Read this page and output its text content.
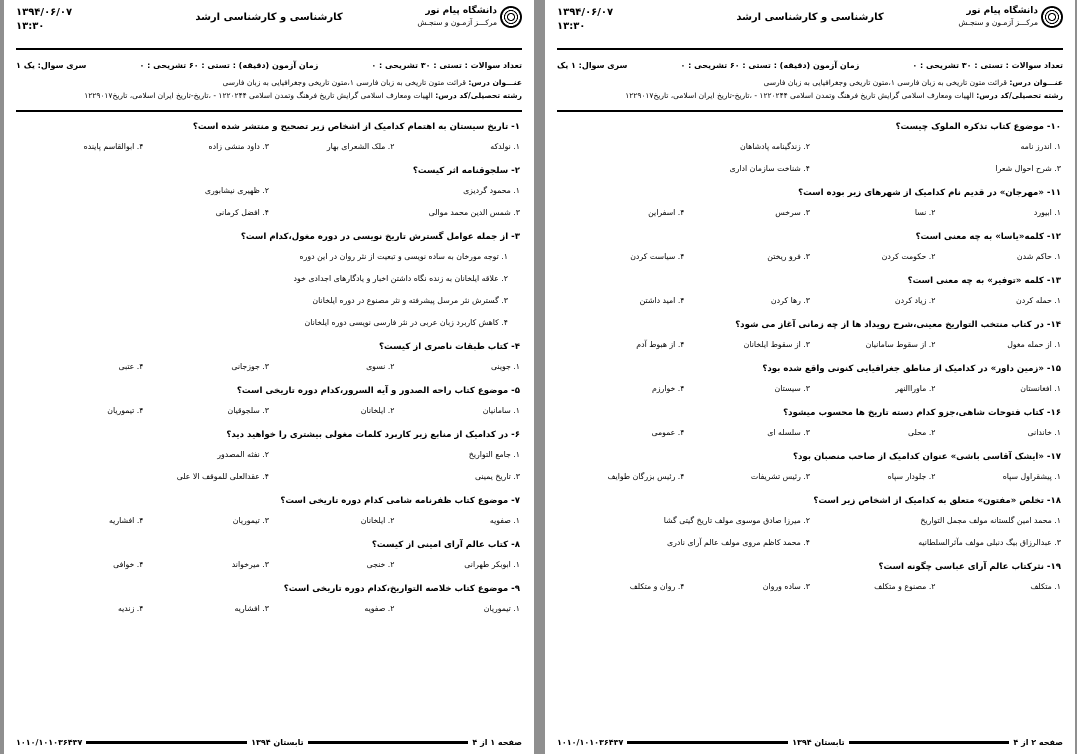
دانشگاه پیام نور
مرکـــز آزمـون و سنجـش
کارشناسی و کارشناسی ارشد
۱۳۹۴/۰۶/۰۷
۱۳:۳۰
تعداد سوالات : تستی : ۳۰ تشریحی : ۰
زمان آزمون (دقیقه) : تستی : ۶۰ تشریحی : ۰
سری سوال: یک ۱
عنـــوان درس: قرائت متون تاریخی به زبان فارسی ۱،متون تاریخی وجغرافیایی به زبان فارسی
رشته تحصیلی/کد درس: الهیات ومعارف اسلامی گرایش تاریخ فرهنگ وتمدن اسلامی ۱۲۲۰۲۴۴ - ،تاریخ-تاریخ ایران اسلامی، تاریخ۱۲۲۹۰۱۷
۱- تاریخ سیستان به اهتمام کدامیک از اشخاص زیر تصحیح و منتشر شده است؟
۱. نولدکه
۲. ملک الشعرای بهار
۳. داود منشی زاده
۴. ابوالقاسم پاینده
۲- سلجوقنامه اثر کیست؟
۱. محمود گردیزی
۲. ظهیری نیشابوری
۳. شمس الدین محمد موالی
۴. افضل کرمانی
۳- از جمله عوامل گسترش تاریخ نویسی در دوره مغول،کدام است؟
۱. توجه مورخان به ساده نویسی و تبعیت از نثر روان در این دوره
۲. علاقه ایلخانان به زنده نگاه داشتن اخبار و یادگارهای اجدادی خود
۳. گسترش نثر مرسل پیشرفته و نثر مصنوع در دوره ایلخانان
۴. کاهش کاربرد زبان عربی در نثر فارسی نویسی دوره ایلخانان
۴- کتاب طبقات ناصری از کیست؟
۱. جوینی
۲. نسوی
۳. جوزجانی
۴. عتبی
۵- موضوع کتاب راحه الصدور و آیه السرور،کدام دوره تاریخی است؟
۱. سامانیان
۲. ایلخانان
۳. سلجوقیان
۴. تیموریان
۶- در کدامیک از منابع زیر کاربرد کلمات مغولی بیشتری را خواهید دید؟
۱. جامع التواریخ
۲. نفثه المصدور
۳. تاریخ یمینی
۴. عقدالعلی للموقف الا علی
۷- موضوع کتاب ظفرنامه شامی کدام دوره تاریخی است؟
۱. صفویه
۲. ایلخانان
۳. تیموریان
۴. افشاریه
۸- کتاب عالم آرای امینی از کیست؟
۱. ابوبکر طهرانی
۲. خنجی
۳. میرخواند
۴. خوافی
۹- موضوع کتاب خلاصه التواریخ،کدام دوره تاریخی است؟
۱. تیموریان
۲. صفویه
۳. افشاریه
۴. زندیه
صفحه ۱ از ۴
تابستان ۱۳۹۴
۱۰۱۰/۱۰۱۰۳۶۴۳۷
دانشگاه پیام نور
مرکـــز آزمـون و سنجـش
کارشناسی و کارشناسی ارشد
۱۳۹۴/۰۶/۰۷
۱۳:۳۰
تعداد سوالات : تستی : ۳۰ تشریحی : ۰
زمان آزمون (دقیقه) : تستی : ۶۰ تشریحی : ۰
سری سوال: ۱ یک
عنـــوان درس: قرائت متون تاریخی به زبان فارسی ۱،متون تاریخی وجغرافیایی به زبان فارسی
رشته تحصیلی/کد درس: الهیات ومعارف اسلامی گرایش تاریخ فرهنگ وتمدن اسلامی ۱۲۲۰۲۴۴ - ،تاریخ-تاریخ ایران اسلامی، تاریخ۱۲۲۹۰۱۷
۱۰- موضوع کتاب تذکره الملوک چیست؟
۱. اندرز نامه
۲. زندگینامه پادشاهان
۳. شرح احوال شعرا
۴. شناخت سازمان اداری
۱۱- «مهرجان» در قدیم نام کدامیک از شهرهای زیر بوده است؟
۱. ابیورد
۲. نسا
۳. سرخس
۴. اسفراین
۱۲- کلمه«یاسا» به چه معنی است؟
۱. حاکم شدن
۲. حکومت کردن
۳. فرو ریختن
۴. سیاست کردن
۱۳- کلمه «توفیر» به چه معنی است؟
۱. حمله کردن
۲. زیاد کردن
۳. رها کردن
۴. امید داشتن
۱۴- در کتاب منتخب التواریخ معینی،شرح رویداد ها از چه زمانی آغاز می شود؟
۱. از حمله مغول
۲. از سقوط سامانیان
۳. از سقوط ایلخانان
۴. از هبوط آدم
۱۵- «زمین داور» در کدامیک از مناطق جغرافیایی کنونی واقع شده بود؟
۱. افغانستان
۲. ماوراالنهر
۳. سیستان
۴. خوارزم
۱۶- کتاب فتوحات شاهی،جزو کدام دسته تاریخ ها محسوب میشود؟
۱. خاندانی
۲. محلی
۳. سلسله ای
۴. عمومی
۱۷- «ایشک آقاسی باشی» عنوان کدامیک از صاحب منصبان بود؟
۱. پیشقراول سپاه
۲. جلودار سپاه
۳. رئیس تشریفات
۴. رئیس بزرگان طوایف
۱۸- تخلص «مفتون» متعلق به کدامیک از اشخاص زیر است؟
۱. محمد امین گلستانه مولف مجمل التواریخ
۲. میرزا صادق موسوی مولف تاریخ گیتی گشا
۳. عبدالرزاق بیگ دنبلی مولف مآثرالسلطانیه
۴. محمد کاظم مروی مولف عالم آرای نادری
۱۹- نثرکتاب عالم آرای عباسی چگونه است؟
۱. متکلف
۲. مصنوع و متکلف
۳. ساده وروان
۴. روان و متکلف
صفحه ۲ از ۴
تابستان ۱۳۹۴
۱۰۱۰/۱۰۱۰۳۶۴۳۷
